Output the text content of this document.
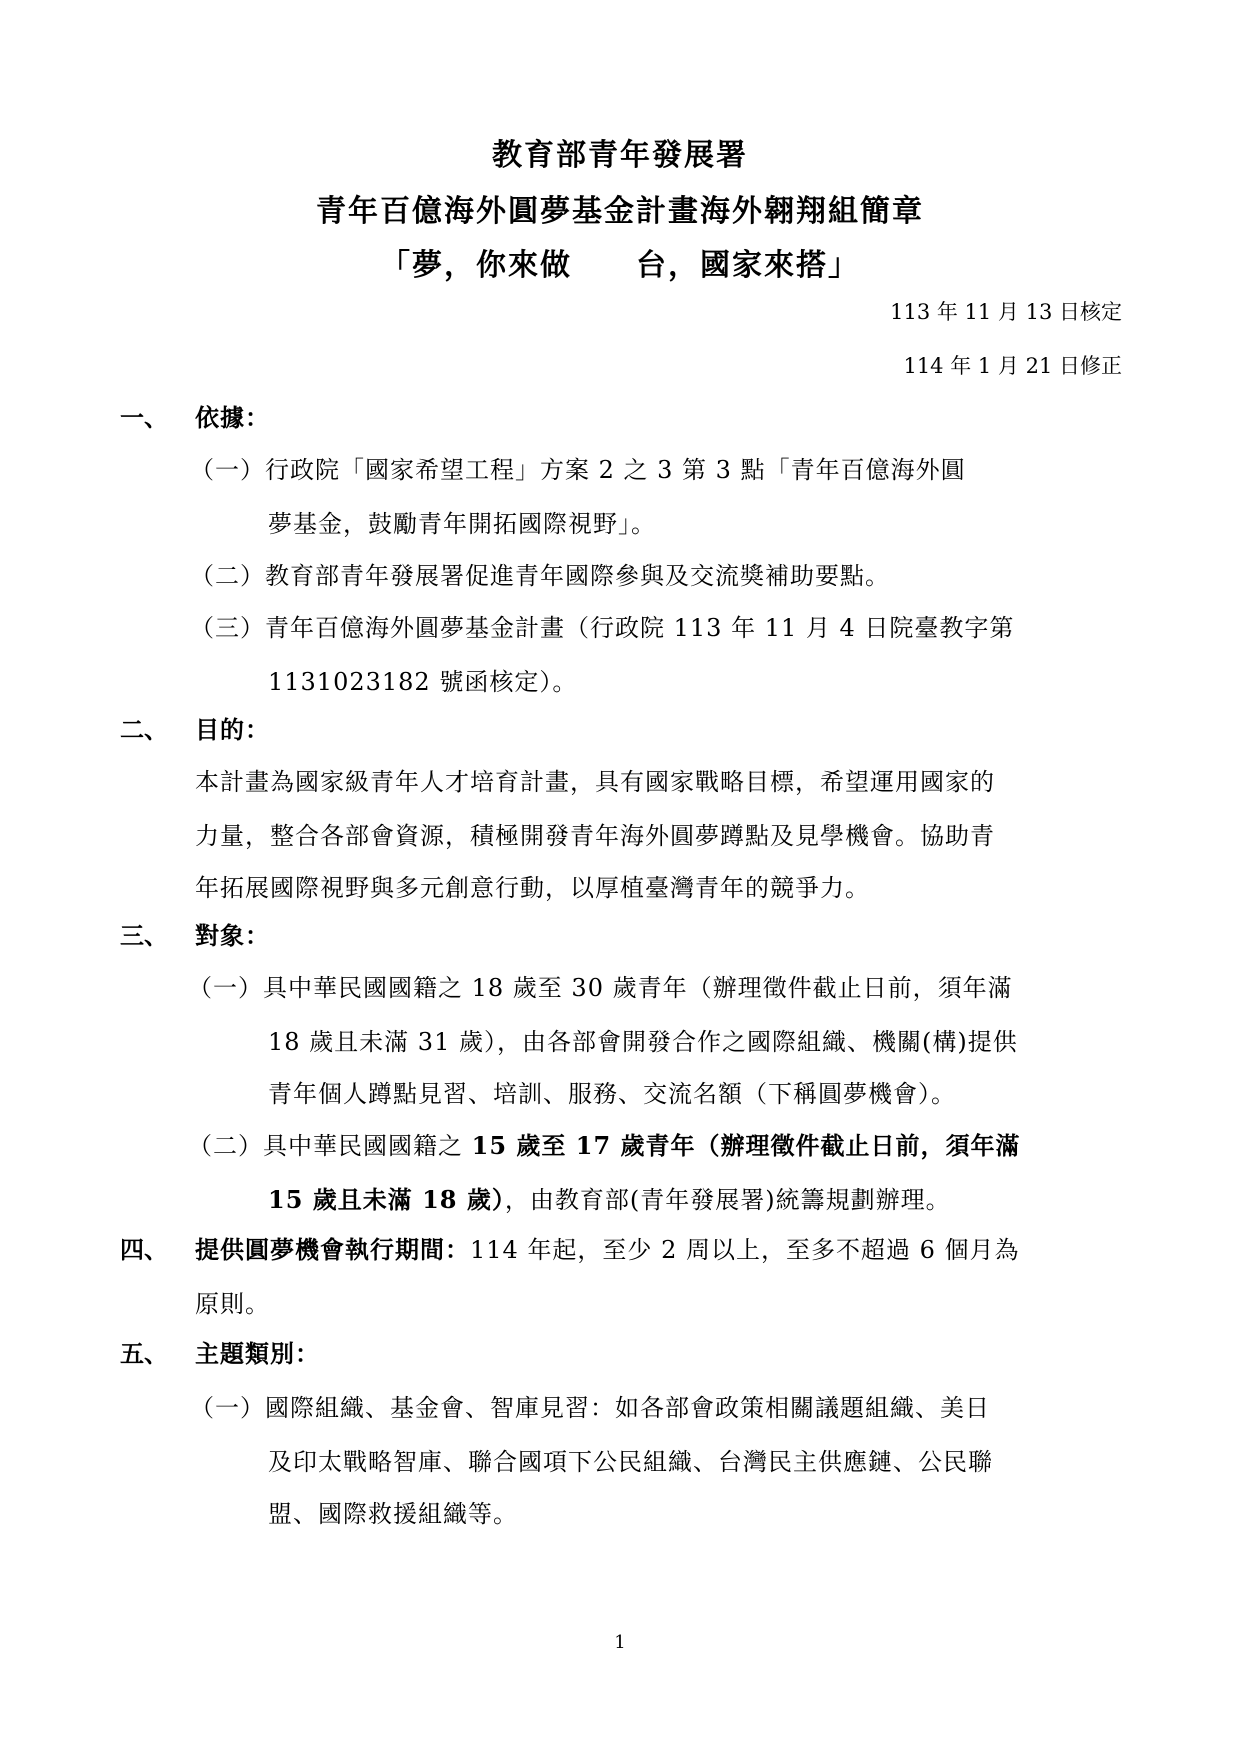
教育部青年發展署
青年百億海外圓夢基金計畫海外翱翔組簡章
「夢，你來做　　台，國家來搭」
113 年 11 月 13 日核定
114 年 1 月 21 日修正
一、 依據：
（一）行政院「國家希望工程」方案 2 之 3 第 3 點「青年百億海外圓
夢基金，鼓勵青年開拓國際視野」。
（二）教育部青年發展署促進青年國際參與及交流獎補助要點。
（三）青年百億海外圓夢基金計畫（行政院 113 年 11 月 4 日院臺教字第
1131023182 號函核定）。
二、 目的：
本計畫為國家級青年人才培育計畫，具有國家戰略目標，希望運用國家的
力量，整合各部會資源，積極開發青年海外圓夢蹲點及見學機會。協助青
年拓展國際視野與多元創意行動，以厚植臺灣青年的競爭力。
三、 對象：
（一）具中華民國國籍之 18 歲至 30 歲青年（辦理徵件截止日前，須年滿
18 歲且未滿 31 歲），由各部會開發合作之國際組織、機關(構)提供
青年個人蹲點見習、培訓、服務、交流名額（下稱圓夢機會）。
（二）具中華民國國籍之 15 歲至 17 歲青年（辦理徵件截止日前，須年滿
15 歲且未滿 18 歲），由教育部(青年發展署)統籌規劃辦理。
四、 提供圓夢機會執行期間：114 年起，至少 2 周以上，至多不超過 6 個月為
原則。
五、 主題類別：
（一）國際組織、基金會、智庫見習：如各部會政策相關議題組織、美日
及印太戰略智庫、聯合國項下公民組織、台灣民主供應鏈、公民聯
盟、國際救援組織等。
1
